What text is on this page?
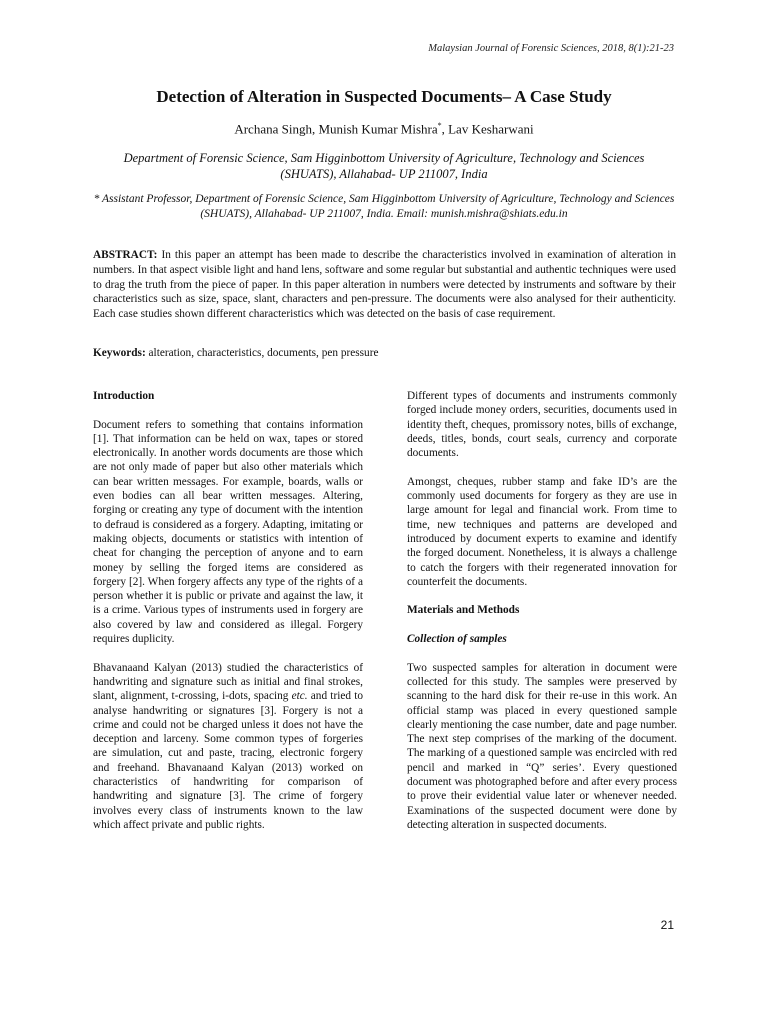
Malaysian Journal of Forensic Sciences, 2018, 8(1):21-23
Detection of Alteration in Suspected Documents– A Case Study
Archana Singh, Munish Kumar Mishra*, Lav Kesharwani
Department of Forensic Science, Sam Higginbottom University of Agriculture, Technology and Sciences (SHUATS), Allahabad- UP 211007, India
* Assistant Professor, Department of Forensic Science, Sam Higginbottom University of Agriculture, Technology and Sciences (SHUATS), Allahabad- UP 211007, India. Email: munish.mishra@shiats.edu.in
ABSTRACT: In this paper an attempt has been made to describe the characteristics involved in examination of alteration in numbers. In that aspect visible light and hand lens, software and some regular but substantial and authentic techniques were used to drag the truth from the piece of paper. In this paper alteration in numbers were detected by instruments and software by their characteristics such as size, space, slant, characters and pen-pressure. The documents were also analysed for their authenticity. Each case studies shown different characteristics which was detected on the basis of case requirement.
Keywords: alteration, characteristics, documents, pen pressure
Introduction

Document refers to something that contains information [1]. That information can be held on wax, tapes or stored electronically. In another words documents are those which are not only made of paper but also other materials which can bear written messages. For example, boards, walls or even bodies can all bear written messages. Altering, forging or creating any type of document with the intention to defraud is considered as a forgery. Adapting, imitating or making objects, documents or statistics with intention of cheat for changing the perception of anyone and to earn money by selling the forged items are considered as forgery [2]. When forgery affects any type of the rights of a person whether it is public or private and against the law, it is a crime. Various types of instruments used in forgery are also covered by law and considered as illegal. Forgery requires duplicity.

Bhavanaand Kalyan (2013) studied the characteristics of handwriting and signature such as initial and final strokes, slant, alignment, t-crossing, i-dots, spacing etc. and tried to analyse handwriting or signatures [3]. Forgery is not a crime and could not be charged unless it does not have the deception and larceny. Some common types of forgeries are simulation, cut and paste, tracing, electronic forgery and freehand. Bhavanaand Kalyan (2013) worked on characteristics of handwriting for comparison of handwriting and signature [3]. The crime of forgery involves every class of instruments known to the law which affect private and public rights.

Different types of documents and instruments commonly forged include money orders, securities, documents used in identity theft, cheques, promissory notes, bills of exchange, deeds, titles, bonds, court seals, currency and corporate documents.

Amongst, cheques, rubber stamp and fake ID’s are the commonly used documents for forgery as they are use in large amount for legal and financial work. From time to time, new techniques and patterns are developed and introduced by document experts to examine and identify the forged document. Nonetheless, it is always a challenge to catch the forgers with their regenerated innovation for counterfeit the documents.

Materials and Methods
Collection of samples

Two suspected samples for alteration in document were collected for this study. The samples were preserved by scanning to the hard disk for their re-use in this work. An official stamp was placed in every questioned sample clearly mentioning the case number, date and page number. The next step comprises of the marking of the document. The marking of a questioned sample was encircled with red pencil and marked in “Q” series’. Every questioned document was photographed before and after every process to prove their evidential value later or whenever needed. Examinations of the suspected document were done by detecting alteration in suspected documents.

21
